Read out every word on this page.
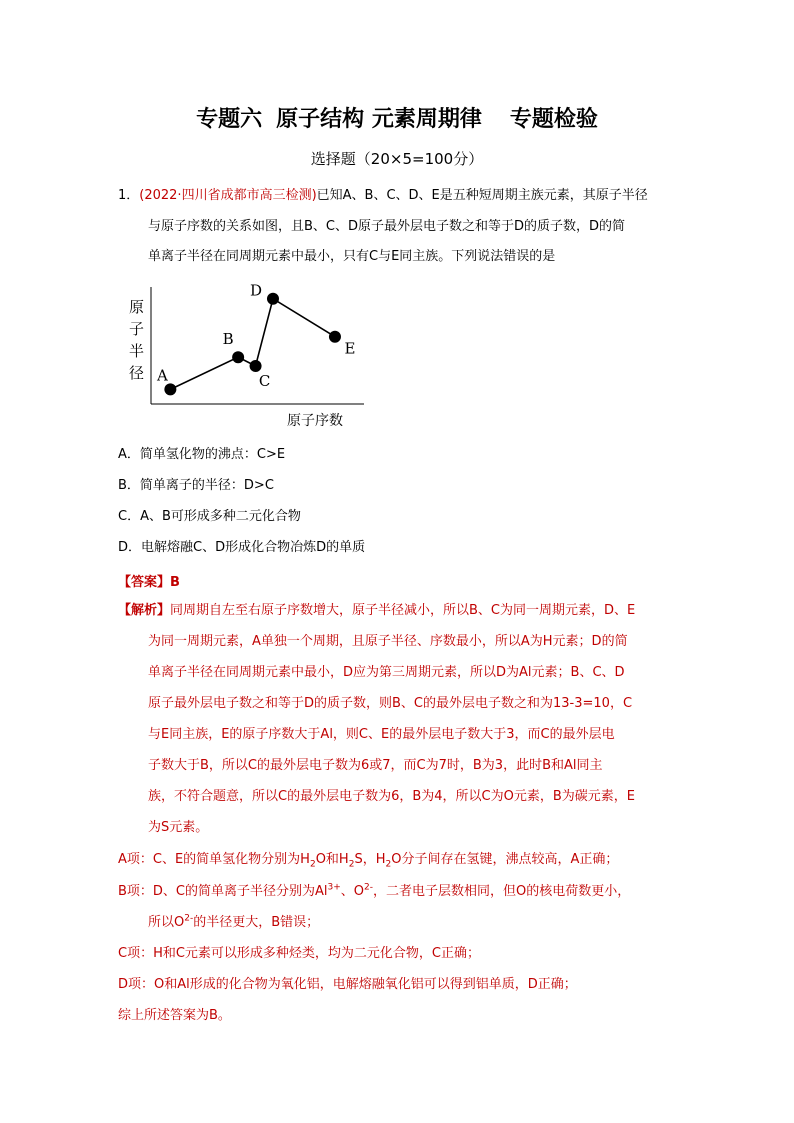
专题六 原子结构 元素周期律 专题检验
选择题（20×5=100分）
1．(2022·四川省成都市高三检测)已知A、B、C、D、E是五种短周期主族元素，其原子半径
与原子序数的关系如图，且B、C、D原子最外层电子数之和等于D的质子数，D的简
单离子半径在同周期元素中最小，只有C与E同主族。下列说法错误的是
A
B
C
D
E
原
子
半
径
原子序数
A．简单氢化物的沸点：C>E
B．简单离子的半径：D>C
C．A、B可形成多种二元化合物
D．电解熔融C、D形成化合物冶炼D的单质
【答案】B
【解析】同周期自左至右原子序数增大，原子半径减小，所以B、C为同一周期元素，D、E
为同一周期元素，A单独一个周期，且原子半径、序数最小，所以A为H元素；D的简
单离子半径在同周期元素中最小，D应为第三周期元素，所以D为Al元素；B、C、D
原子最外层电子数之和等于D的质子数，则B、C的最外层电子数之和为13-3=10，C
与E同主族，E的原子序数大于Al，则C、E的最外层电子数大于3，而C的最外层电
子数大于B，所以C的最外层电子数为6或7，而C为7时，B为3，此时B和Al同主
族，不符合题意，所以C的最外层电子数为6，B为4，所以C为O元素，B为碳元素，E
为S元素。
A项：C、E的简单氢化物分别为$H_2O$和$H_2S$，$H_2O$分子间存在氢键，沸点较高，A正确；
B项：D、C的简单离子半径分别为$Al^{3+}$、$O^{2-}$，二者电子层数相同，但O的核电荷数更小，
所以$O^{2-}$的半径更大，B错误；
C项：H和C元素可以形成多种烃类，均为二元化合物，C正确；
D项：O和Al形成的化合物为氧化铝，电解熔融氧化铝可以得到铝单质，D正确；
综上所述答案为B。
